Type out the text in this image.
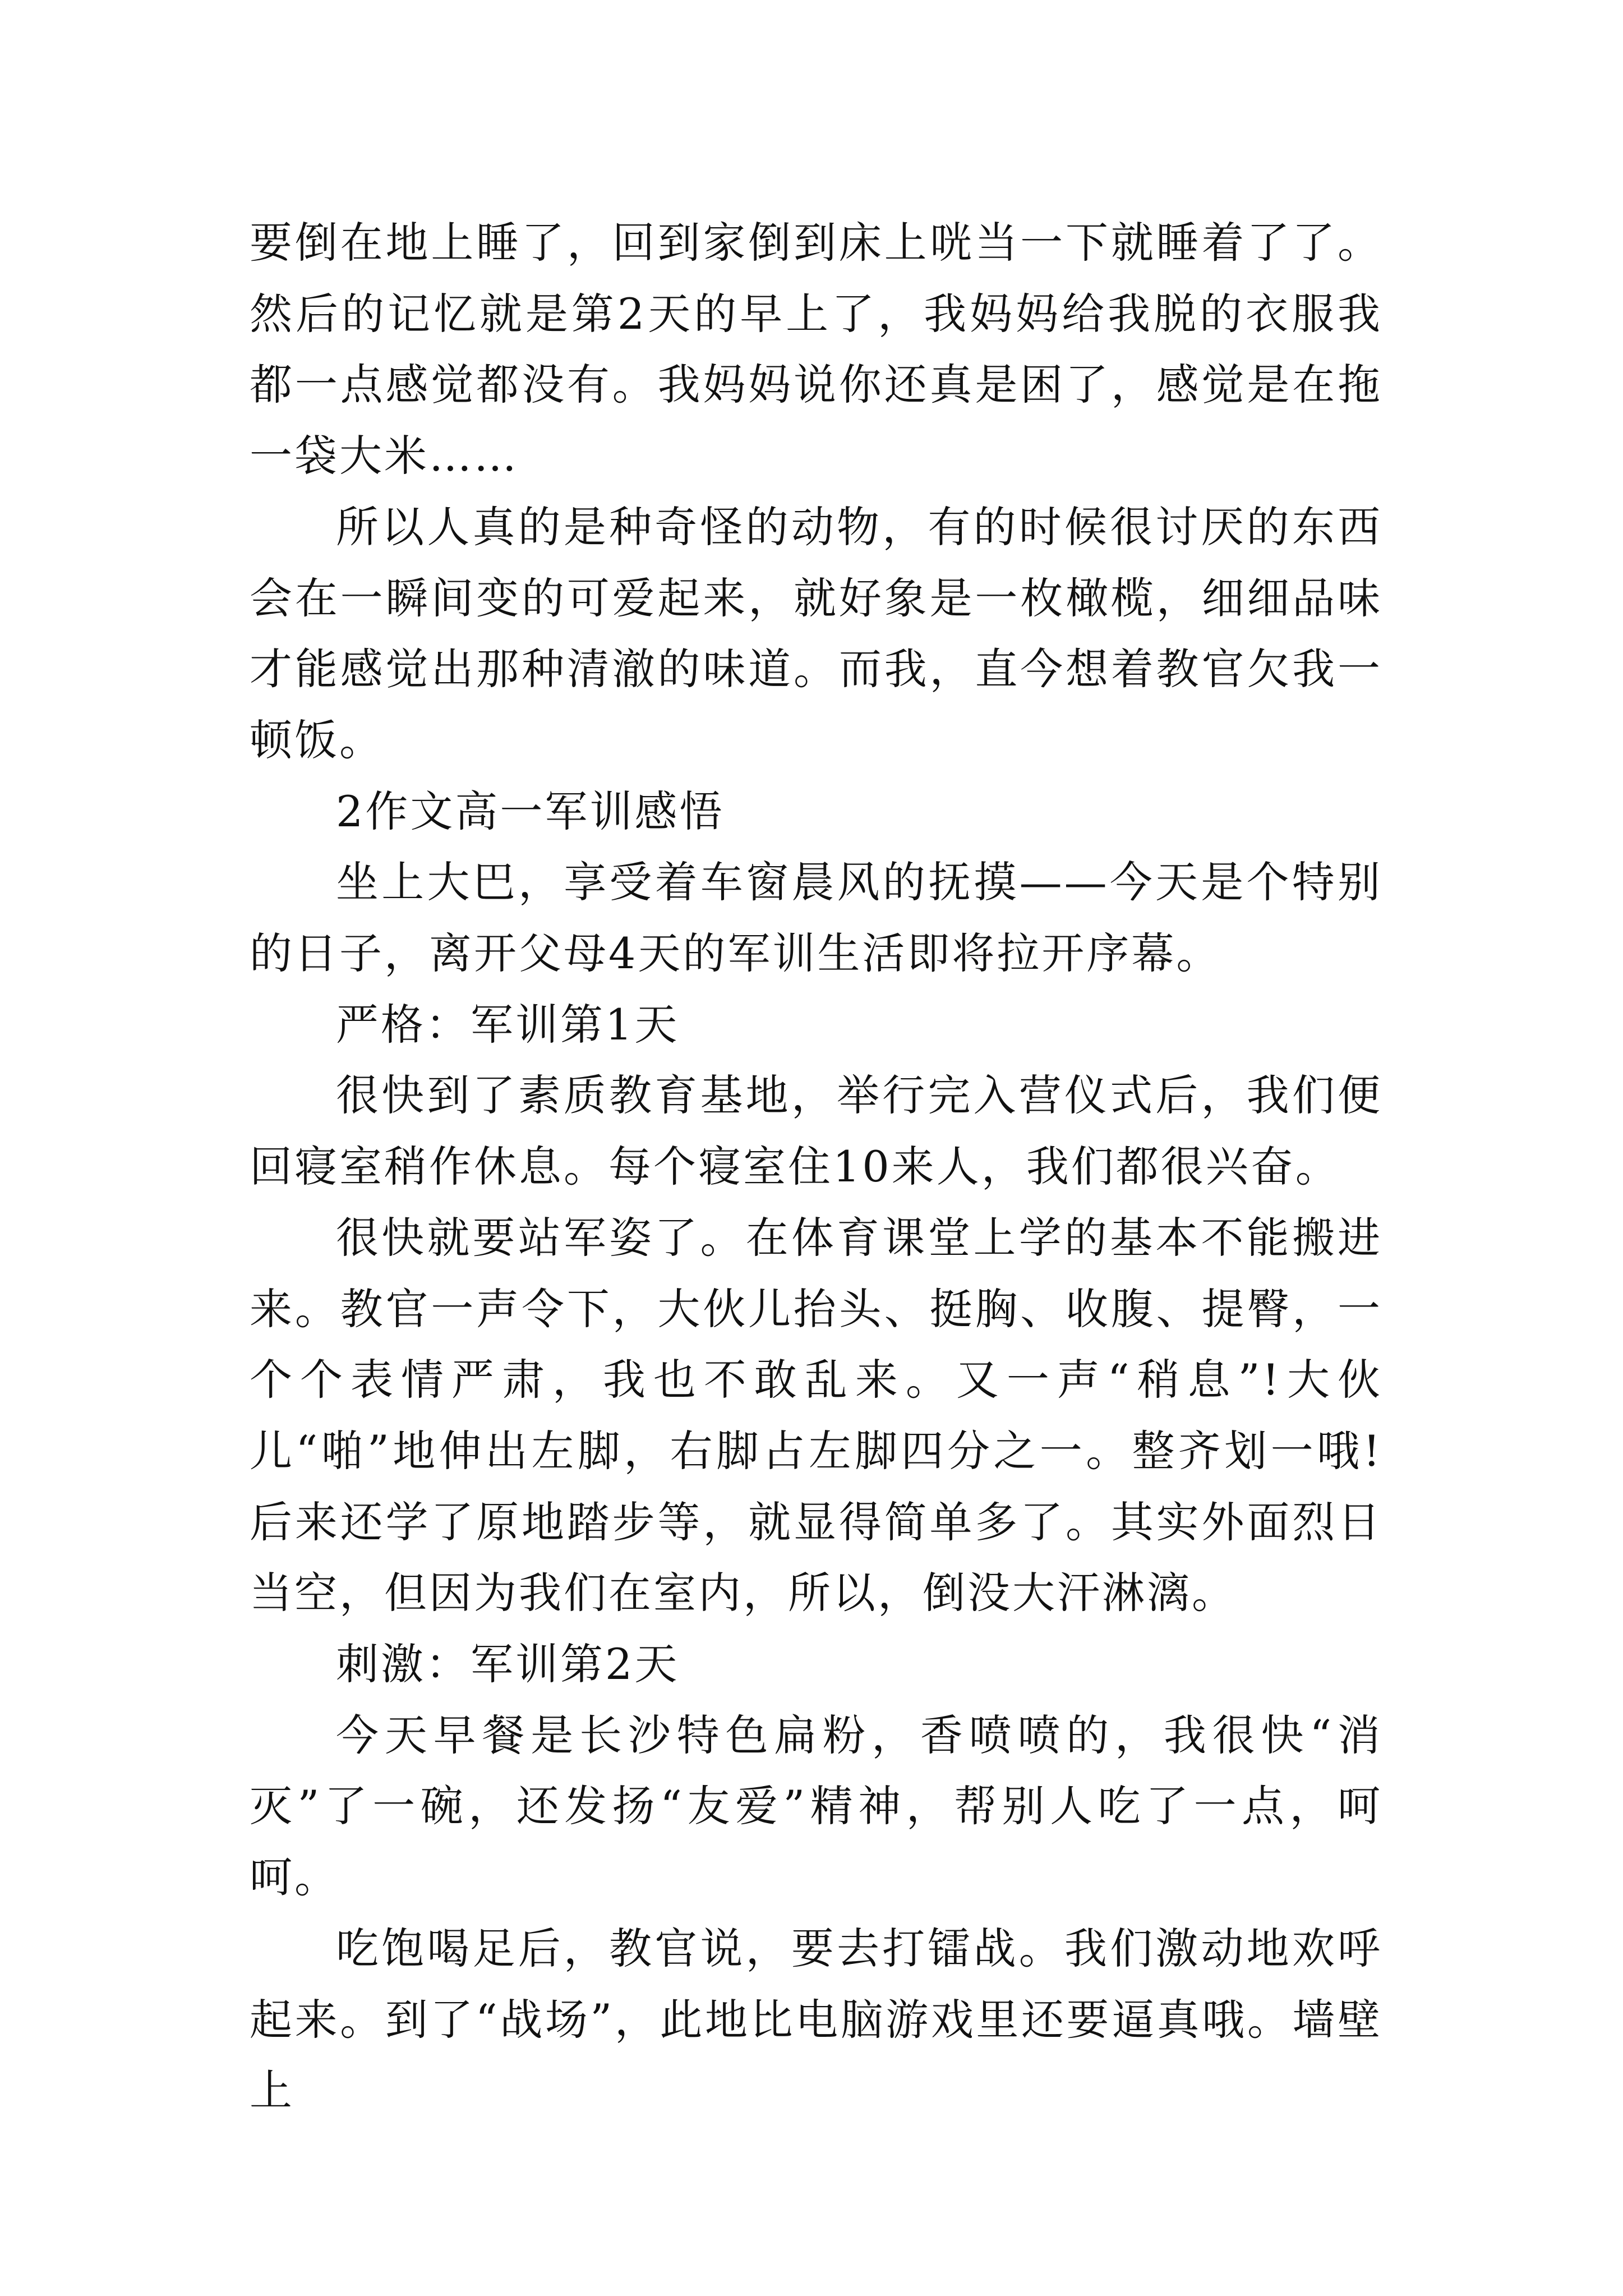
要倒在地上睡了，回到家倒到床上咣当一下就睡着了了。然后的记忆就是第2天的早上了，我妈妈给我脱的衣服我都一点感觉都没有。我妈妈说你还真是困了，感觉是在拖一袋大米……

所以人真的是种奇怪的动物，有的时候很讨厌的东西会在一瞬间变的可爱起来，就好象是一枚橄榄，细细品味才能感觉出那种清澈的味道。而我，直今想着教官欠我一顿饭。

2作文高一军训感悟

坐上大巴，享受着车窗晨风的抚摸——今天是个特别的日子，离开父母4天的军训生活即将拉开序幕。

严格：军训第1天

很快到了素质教育基地，举行完入营仪式后，我们便回寝室稍作休息。每个寝室住10来人，我们都很兴奋。

很快就要站军姿了。在体育课堂上学的基本不能搬进来。教官一声令下，大伙儿抬头、挺胸、收腹、提臀，一个个表情严肃，我也不敢乱来。又一声“稍息”!大伙儿“啪”地伸出左脚，右脚占左脚四分之一。整齐划一哦!后来还学了原地踏步等，就显得简单多了。其实外面烈日当空，但因为我们在室内，所以，倒没大汗淋漓。

刺激：军训第2天

今天早餐是长沙特色扁粉，香喷喷的，我很快“消灭”了一碗，还发扬“友爱”精神，帮别人吃了一点，呵呵。

吃饱喝足后，教官说，要去打镭战。我们激动地欢呼起来。到了“战场”，此地比电脑游戏里还要逼真哦。墙壁上
